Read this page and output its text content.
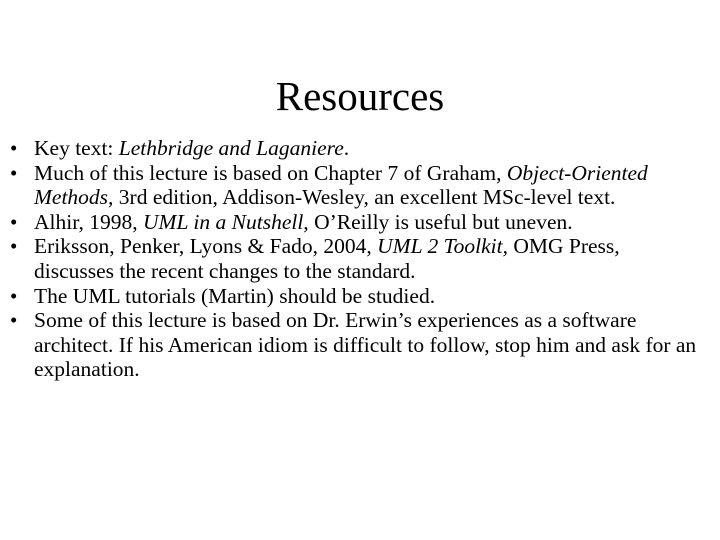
Resources
• Key text: Lethbridge and Laganiere.
• Much of this lecture is based on Chapter 7 of Graham, Object-Oriented Methods, 3rd edition, Addison-Wesley, an excellent MSc-level text.
• Alhir, 1998, UML in a Nutshell, O’Reilly is useful but uneven.
• Eriksson, Penker, Lyons & Fado, 2004, UML 2 Toolkit, OMG Press, discusses the recent changes to the standard.
• The UML tutorials (Martin) should be studied.
• Some of this lecture is based on Dr. Erwin’s experiences as a software architect. If his American idiom is difficult to follow, stop him and ask for an explanation.
